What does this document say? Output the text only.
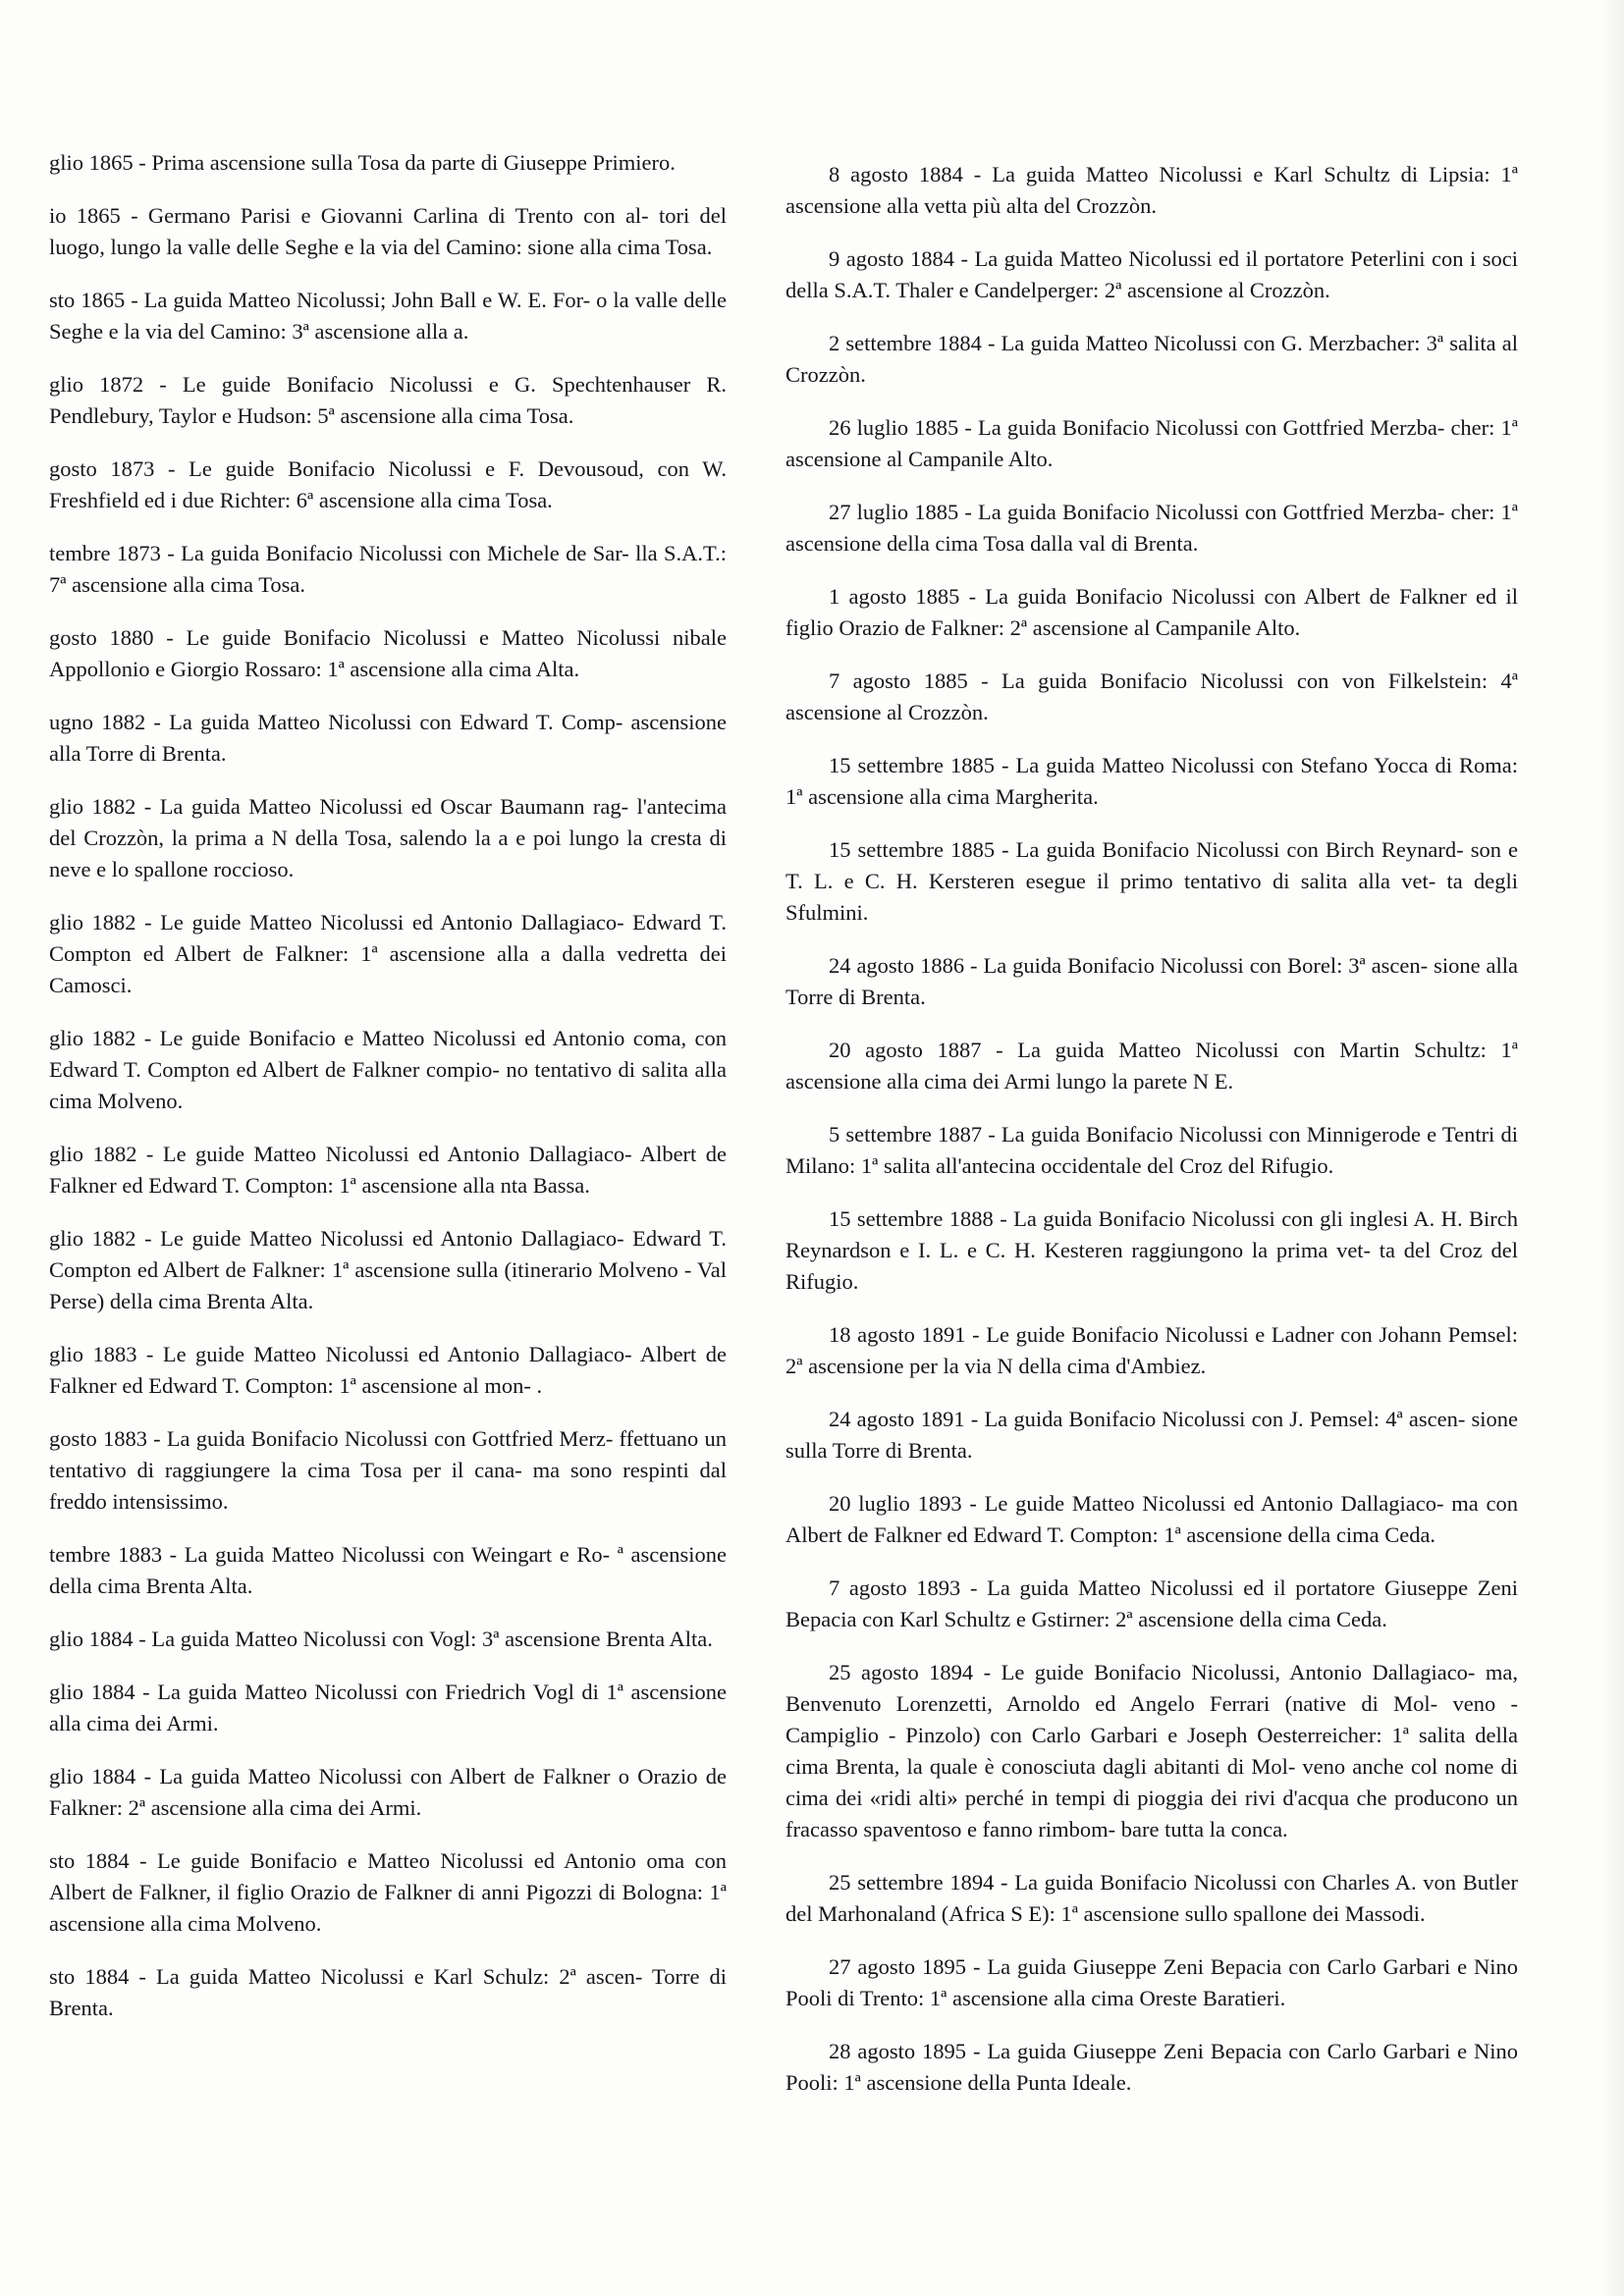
glio 1865 - Prima ascensione sulla Tosa da parte di Giuseppe Primiero.

io 1865 - Germano Parisi e Giovanni Carlina di Trento con al- tori del luogo, lungo la valle delle Seghe e la via del Camino: sione alla cima Tosa.

sto 1865 - La guida Matteo Nicolussi; John Ball e W. E. For- o la valle delle Seghe e la via del Camino: 3ª ascensione alla a.

glio 1872 - Le guide Bonifacio Nicolussi e G. Spechtenhauser R. Pendlebury, Taylor e Hudson: 5ª ascensione alla cima Tosa.

gosto 1873 - Le guide Bonifacio Nicolussi e F. Devousoud, con W. Freshfield ed i due Richter: 6ª ascensione alla cima Tosa.

tembre 1873 - La guida Bonifacio Nicolussi con Michele de Sar- lla S.A.T.: 7ª ascensione alla cima Tosa.

gosto 1880 - Le guide Bonifacio Nicolussi e Matteo Nicolussi nibale Appollonio e Giorgio Rossaro: 1ª ascensione alla cima Alta.

ugno 1882 - La guida Matteo Nicolussi con Edward T. Comp- ascensione alla Torre di Brenta.

glio 1882 - La guida Matteo Nicolussi ed Oscar Baumann rag- l'antecima del Crozzòn, la prima a N della Tosa, salendo la a e poi lungo la cresta di neve e lo spallone roccioso.

glio 1882 - Le guide Matteo Nicolussi ed Antonio Dallagiaco- Edward T. Compton ed Albert de Falkner: 1ª ascensione alla a dalla vedretta dei Camosci.

glio 1882 - Le guide Bonifacio e Matteo Nicolussi ed Antonio coma, con Edward T. Compton ed Albert de Falkner compio- no tentativo di salita alla cima Molveno.

glio 1882 - Le guide Matteo Nicolussi ed Antonio Dallagiaco- Albert de Falkner ed Edward T. Compton: 1ª ascensione alla nta Bassa.

glio 1882 - Le guide Matteo Nicolussi ed Antonio Dallagiaco- Edward T. Compton ed Albert de Falkner: 1ª ascensione sulla (itinerario Molveno - Val Perse) della cima Brenta Alta.

glio 1883 - Le guide Matteo Nicolussi ed Antonio Dallagiaco- Albert de Falkner ed Edward T. Compton: 1ª ascensione al mon- .

gosto 1883 - La guida Bonifacio Nicolussi con Gottfried Merz- ffettuano un tentativo di raggiungere la cima Tosa per il cana- ma sono respinti dal freddo intensissimo.

tembre 1883 - La guida Matteo Nicolussi con Weingart e Ro- ª ascensione della cima Brenta Alta.

glio 1884 - La guida Matteo Nicolussi con Vogl: 3ª ascensione Brenta Alta.

glio 1884 - La guida Matteo Nicolussi con Friedrich Vogl di 1ª ascensione alla cima dei Armi.

glio 1884 - La guida Matteo Nicolussi con Albert de Falkner o Orazio de Falkner: 2ª ascensione alla cima dei Armi.

sto 1884 - Le guide Bonifacio e Matteo Nicolussi ed Antonio oma con Albert de Falkner, il figlio Orazio de Falkner di anni Pigozzi di Bologna: 1ª ascensione alla cima Molveno.

sto 1884 - La guida Matteo Nicolussi e Karl Schulz: 2ª ascen- Torre di Brenta.

8 agosto 1884 - La guida Matteo Nicolussi e Karl Schultz di Lipsia: 1ª ascensione alla vetta più alta del Crozzòn.

9 agosto 1884 - La guida Matteo Nicolussi ed il portatore Peterlini con i soci della S.A.T. Thaler e Candelperger: 2ª ascensione al Crozzòn.

2 settembre 1884 - La guida Matteo Nicolussi con G. Merzbacher: 3ª salita al Crozzòn.

26 luglio 1885 - La guida Bonifacio Nicolussi con Gottfried Merzba- cher: 1ª ascensione al Campanile Alto.

27 luglio 1885 - La guida Bonifacio Nicolussi con Gottfried Merzba- cher: 1ª ascensione della cima Tosa dalla val di Brenta.

1 agosto 1885 - La guida Bonifacio Nicolussi con Albert de Falkner ed il figlio Orazio de Falkner: 2ª ascensione al Campanile Alto.

7 agosto 1885 - La guida Bonifacio Nicolussi con von Filkelstein: 4ª ascensione al Crozzòn.

15 settembre 1885 - La guida Matteo Nicolussi con Stefano Yocca di Roma: 1ª ascensione alla cima Margherita.

15 settembre 1885 - La guida Bonifacio Nicolussi con Birch Reynard- son e T. L. e C. H. Kersteren esegue il primo tentativo di salita alla vet- ta degli Sfulmini.

24 agosto 1886 - La guida Bonifacio Nicolussi con Borel: 3ª ascen- sione alla Torre di Brenta.

20 agosto 1887 - La guida Matteo Nicolussi con Martin Schultz: 1ª ascensione alla cima dei Armi lungo la parete N E.

5 settembre 1887 - La guida Bonifacio Nicolussi con Minnigerode e Tentri di Milano: 1ª salita all'antecina occidentale del Croz del Rifugio.

15 settembre 1888 - La guida Bonifacio Nicolussi con gli inglesi A. H. Birch Reynardson e I. L. e C. H. Kesteren raggiungono la prima vet- ta del Croz del Rifugio.

18 agosto 1891 - Le guide Bonifacio Nicolussi e Ladner con Johann Pemsel: 2ª ascensione per la via N della cima d'Ambiez.

24 agosto 1891 - La guida Bonifacio Nicolussi con J. Pemsel: 4ª ascen- sione sulla Torre di Brenta.

20 luglio 1893 - Le guide Matteo Nicolussi ed Antonio Dallagiaco- ma con Albert de Falkner ed Edward T. Compton: 1ª ascensione della cima Ceda.

7 agosto 1893 - La guida Matteo Nicolussi ed il portatore Giuseppe Zeni Bepacia con Karl Schultz e Gstirner: 2ª ascensione della cima Ceda.

25 agosto 1894 - Le guide Bonifacio Nicolussi, Antonio Dallagiaco- ma, Benvenuto Lorenzetti, Arnoldo ed Angelo Ferrari (native di Mol- veno - Campiglio - Pinzolo) con Carlo Garbari e Joseph Oesterreicher: 1ª salita della cima Brenta, la quale è conosciuta dagli abitanti di Mol- veno anche col nome di cima dei «ridi alti» perché in tempi di pioggia dei rivi d'acqua che producono un fracasso spaventoso e fanno rimbom- bare tutta la conca.

25 settembre 1894 - La guida Bonifacio Nicolussi con Charles A. von Butler del Marhonaland (Africa S E): 1ª ascensione sullo spallone dei Massodi.

27 agosto 1895 - La guida Giuseppe Zeni Bepacia con Carlo Garbari e Nino Pooli di Trento: 1ª ascensione alla cima Oreste Baratieri.

28 agosto 1895 - La guida Giuseppe Zeni Bepacia con Carlo Garbari e Nino Pooli: 1ª ascensione della Punta Ideale.
